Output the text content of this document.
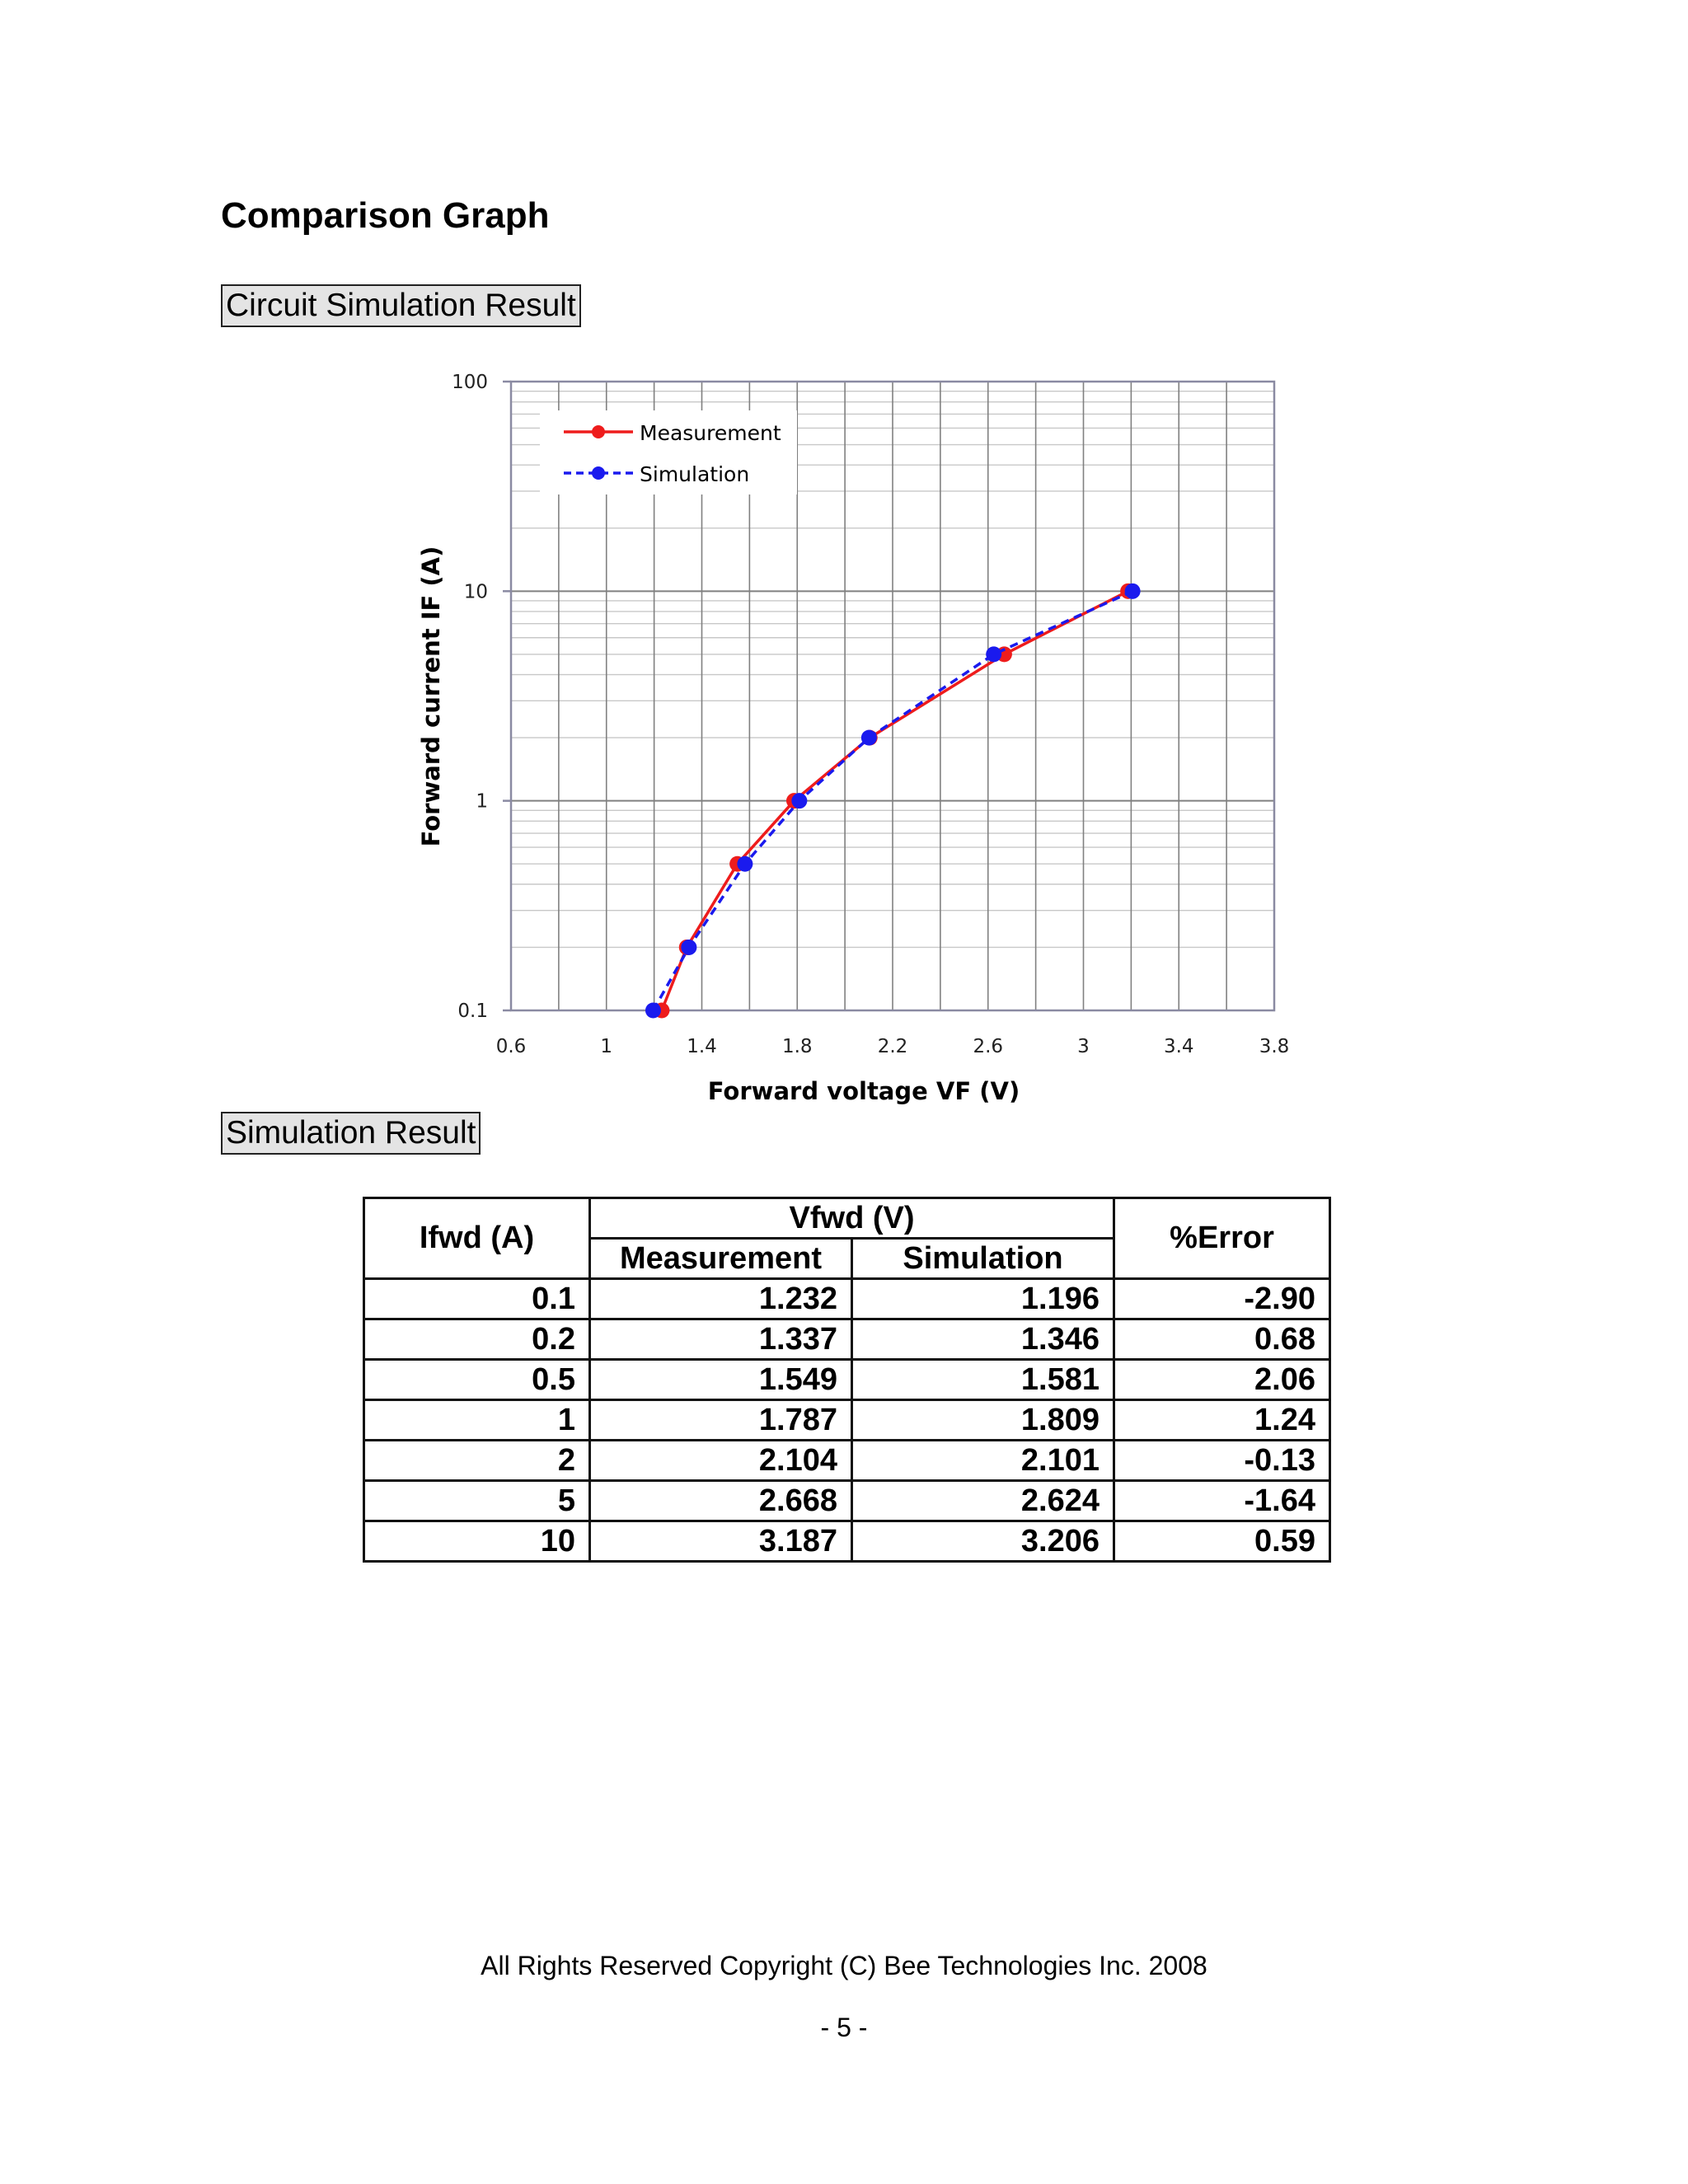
Comparison Graph
Circuit Simulation Result
0.6	1	1.4	1.8	2.2	2.6	3	3.4	3.8
100
10
1
0.1
Forward voltage VF (V)
Forward current IF (A)
Measurement
Simulation
Simulation Result
Ifwd (A)	Vfwd (V)		%Error
	Measurement	Simulation	
0.1	1.232	1.196	-2.90
0.2	1.337	1.346	0.68
0.5	1.549	1.581	2.06
1	1.787	1.809	1.24
2	2.104	2.101	-0.13
5	2.668	2.624	-1.64
10	3.187	3.206	0.59
All Rights Reserved Copyright (C) Bee Technologies Inc. 2008
- 5 -
